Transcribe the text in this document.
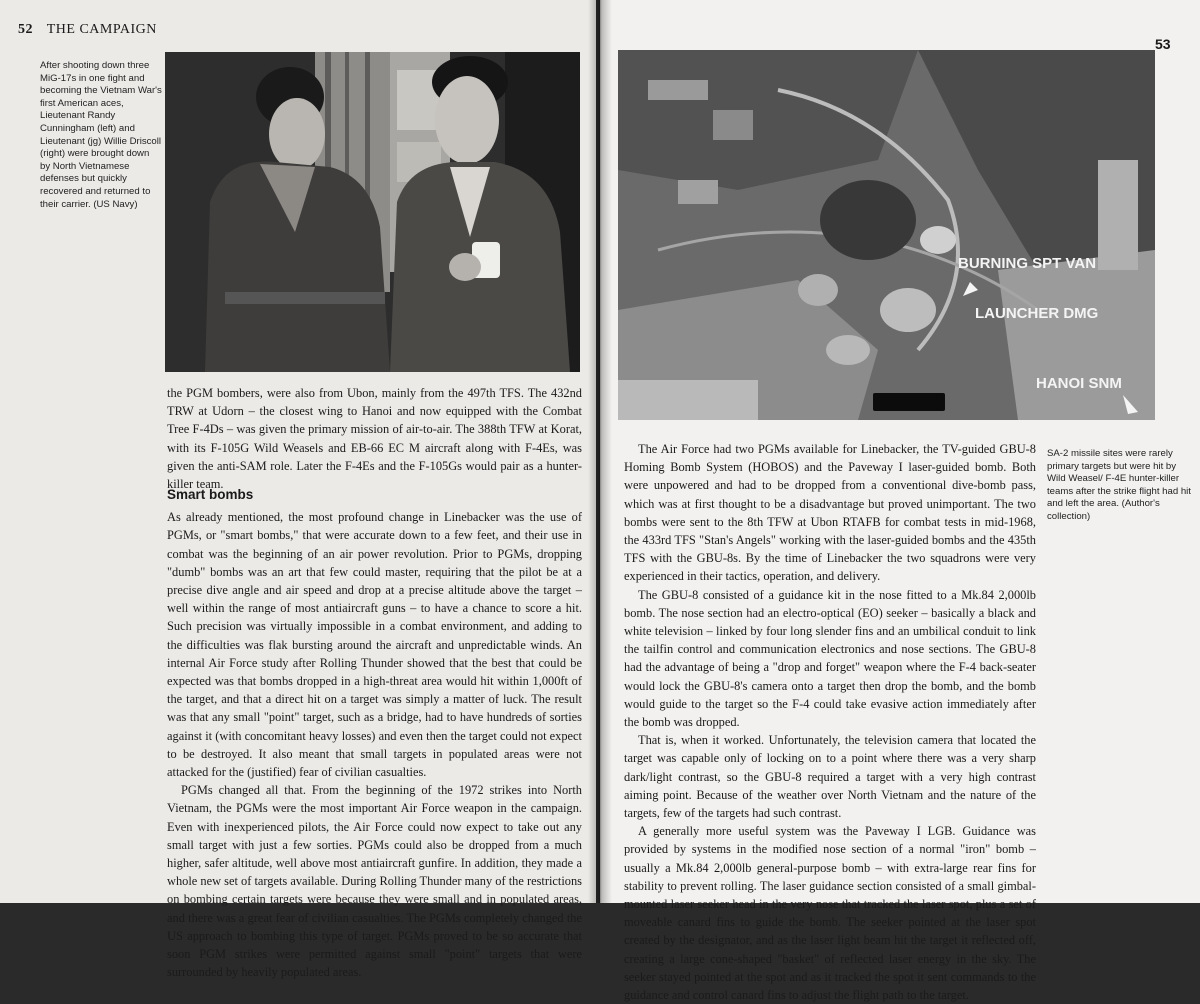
52 THE CAMPAIGN
After shooting down three MiG-17s in one fight and becoming the Vietnam War's first American aces, Lieutenant Randy Cunningham (left) and Lieutenant (jg) Willie Driscoll (right) were brought down by North Vietnamese defenses but quickly recovered and returned to their carrier. (US Navy)

the PGM bombers, were also from Ubon, mainly from the 497th TFS. The 432nd TRW at Udorn – the closest wing to Hanoi and now equipped with the Combat Tree F-4Ds – was given the primary mission of air-to-air. The 388th TFW at Korat, with its F-105G Wild Weasels and EB-66 EC M aircraft along with F-4Es, was given the anti-SAM role. Later the F-4Es and the F-105Gs would pair as a hunter-killer team.

Smart bombs

As already mentioned, the most profound change in Linebacker was the use of PGMs, or "smart bombs," that were accurate down to a few feet, and their use in combat was the beginning of an air power revolution. Prior to PGMs, dropping "dumb" bombs was an art that few could master, requiring that the pilot be at a precise dive angle and air speed and drop at a precise altitude above the target – well within the range of most antiaircraft guns – to have a chance to score a hit. Such precision was virtually impossible in a combat environment, and adding to the difficulties was flak bursting around the aircraft and unpredictable winds. An internal Air Force study after Rolling Thunder showed that the best that could be expected was that bombs dropped in a high-threat area would hit within 1,000ft of the target, and that a direct hit on a target was simply a matter of luck. The result was that any small "point" target, such as a bridge, had to have hundreds of sorties against it (with concomitant heavy losses) and even then the target could not expect to be destroyed. It also meant that small targets in populated areas were not attacked for the (justified) fear of civilian casualties.

PGMs changed all that. From the beginning of the 1972 strikes into North Vietnam, the PGMs were the most important Air Force weapon in the campaign. Even with inexperienced pilots, the Air Force could now expect to take out any small target with just a few sorties. PGMs could also be dropped from a much higher, safer altitude, well above most antiaircraft gunfire. In addition, they made a whole new set of targets available. During Rolling Thunder many of the restrictions on bombing certain targets were because they were small and in populated areas, and there was a great fear of civilian casualties. The PGMs completely changed the US approach to bombing this type of target. PGMs proved to be so accurate that soon PGM strikes were permitted against small "point" targets that were surrounded by heavily populated areas.

53
BURNING SPT VAN
LAUNCHER DMG
HANOI SNM
SA-2 missile sites were rarely primary targets but were hit by Wild Weasel/ F-4E hunter-killer teams after the strike flight had hit and left the area. (Author's collection)

The Air Force had two PGMs available for Linebacker, the TV-guided GBU-8 Homing Bomb System (HOBOS) and the Paveway I laser-guided bomb. Both were unpowered and had to be dropped from a conventional dive-bomb pass, which was at first thought to be a disadvantage but proved unimportant. The two bombs were sent to the 8th TFW at Ubon RTAFB for combat tests in mid-1968, the 433rd TFS "Stan's Angels" working with the laser-guided bombs and the 435th TFS with the GBU-8s. By the time of Linebacker the two squadrons were very experienced in their tactics, operation, and delivery.

The GBU-8 consisted of a guidance kit in the nose fitted to a Mk.84 2,000lb bomb. The nose section had an electro-optical (EO) seeker – basically a black and white television – linked by four long slender fins and an umbilical conduit to link the tailfin control and communication electronics and nose sections. The GBU-8 had the advantage of being a "drop and forget" weapon where the F-4 back-seater would lock the GBU-8's camera onto a target then drop the bomb, and the bomb would guide to the target so the F-4 could take evasive action immediately after the bomb was dropped.

That is, when it worked. Unfortunately, the television camera that located the target was capable only of locking on to a point where there was a very sharp dark/light contrast, so the GBU-8 required a target with a very high contrast aiming point. Because of the weather over North Vietnam and the nature of the targets, few of the targets had such contrast.

A generally more useful system was the Paveway I LGB. Guidance was provided by systems in the modified nose section of a normal "iron" bomb – usually a Mk.84 2,000lb general-purpose bomb – with extra-large rear fins for stability to prevent rolling. The laser guidance section consisted of a small gimbal-mounted laser seeker head in the very nose that tracked the laser spot, plus a set of moveable canard fins to guide the bomb. The seeker pointed at the laser spot created by the designator, and as the laser light beam hit the target it reflected off, creating a large cone-shaped "basket" of reflected laser energy in the sky. The seeker stayed pointed at the spot and as it tracked the spot it sent commands to the guidance and control canard fins to adjust the flight path to the target.
